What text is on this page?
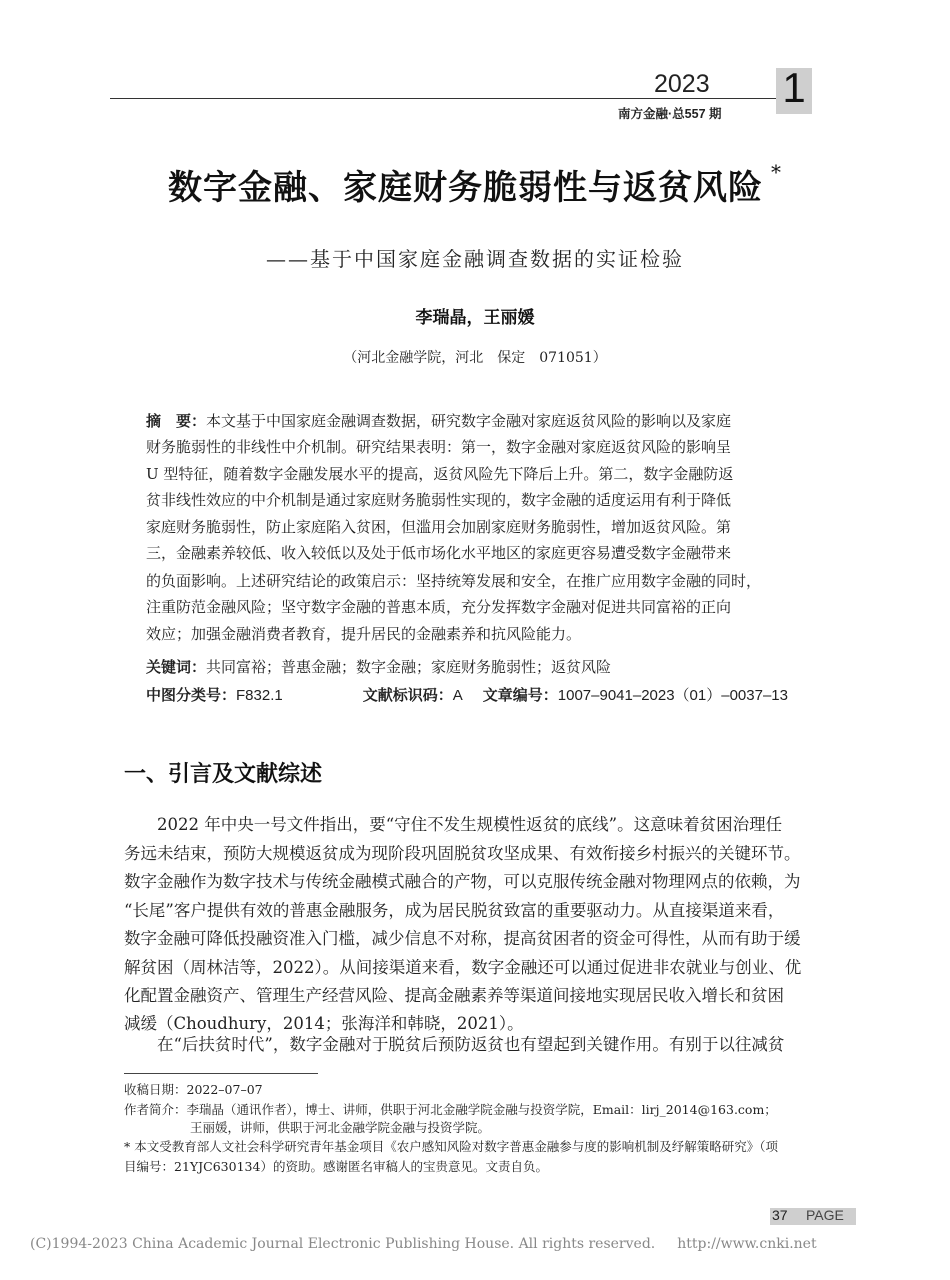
2023
南方金融·总557 期
1
数字金融、家庭财务脆弱性与返贫风险 *
——基于中国家庭金融调查数据的实证检验
李瑞晶，王丽媛
（河北金融学院，河北　保定　071051）
摘　要：本文基于中国家庭金融调查数据，研究数字金融对家庭返贫风险的影响以及家庭
财务脆弱性的非线性中介机制。研究结果表明：第一，数字金融对家庭返贫风险的影响呈
U 型特征，随着数字金融发展水平的提高，返贫风险先下降后上升。第二，数字金融防返
贫非线性效应的中介机制是通过家庭财务脆弱性实现的，数字金融的适度运用有利于降低
家庭财务脆弱性，防止家庭陷入贫困，但滥用会加剧家庭财务脆弱性，增加返贫风险。第
三，金融素养较低、收入较低以及处于低市场化水平地区的家庭更容易遭受数字金融带来
的负面影响。上述研究结论的政策启示：坚持统筹发展和安全，在推广应用数字金融的同时，
注重防范金融风险；坚守数字金融的普惠本质，充分发挥数字金融对促进共同富裕的正向
效应；加强金融消费者教育，提升居民的金融素养和抗风险能力。
关键词：共同富裕；普惠金融；数字金融；家庭财务脆弱性；返贫风险
中图分类号：F832.1	文献标识码：A 文章编号：1007–9041–2023（01）–0037–13
一、引言及文献综述
　　2022 年中央一号文件指出，要“守住不发生规模性返贫的底线”。这意味着贫困治理任
务远未结束，预防大规模返贫成为现阶段巩固脱贫攻坚成果、有效衔接乡村振兴的关键环节。
数字金融作为数字技术与传统金融模式融合的产物，可以克服传统金融对物理网点的依赖，为
“长尾”客户提供有效的普惠金融服务，成为居民脱贫致富的重要驱动力。从直接渠道来看，
数字金融可降低投融资准入门槛，减少信息不对称，提高贫困者的资金可得性，从而有助于缓
解贫困（周林洁等，2022）。从间接渠道来看，数字金融还可以通过促进非农就业与创业、优
化配置金融资产、管理生产经营风险、提高金融素养等渠道间接地实现居民收入增长和贫困
减缓（Choudhury，2014；张海洋和韩晓，2021）。
　　在“后扶贫时代”，数字金融对于脱贫后预防返贫也有望起到关键作用。有别于以往减贫
收稿日期：2022–07–07
作者简介：李瑞晶（通讯作者），博士、讲师，供职于河北金融学院金融与投资学院，Email：lirj_2014@163.com；
王丽媛，讲师，供职于河北金融学院金融与投资学院。
* 本文受教育部人文社会科学研究青年基金项目《农户感知风险对数字普惠金融参与度的影响机制及纾解策略研究》（项
目编号：21YJC630134）的资助。感谢匿名审稿人的宝贵意见。文责自负。
37 PAGE
(C)1994-2023 China Academic Journal Electronic Publishing House. All rights reserved. http://www.cnki.net
